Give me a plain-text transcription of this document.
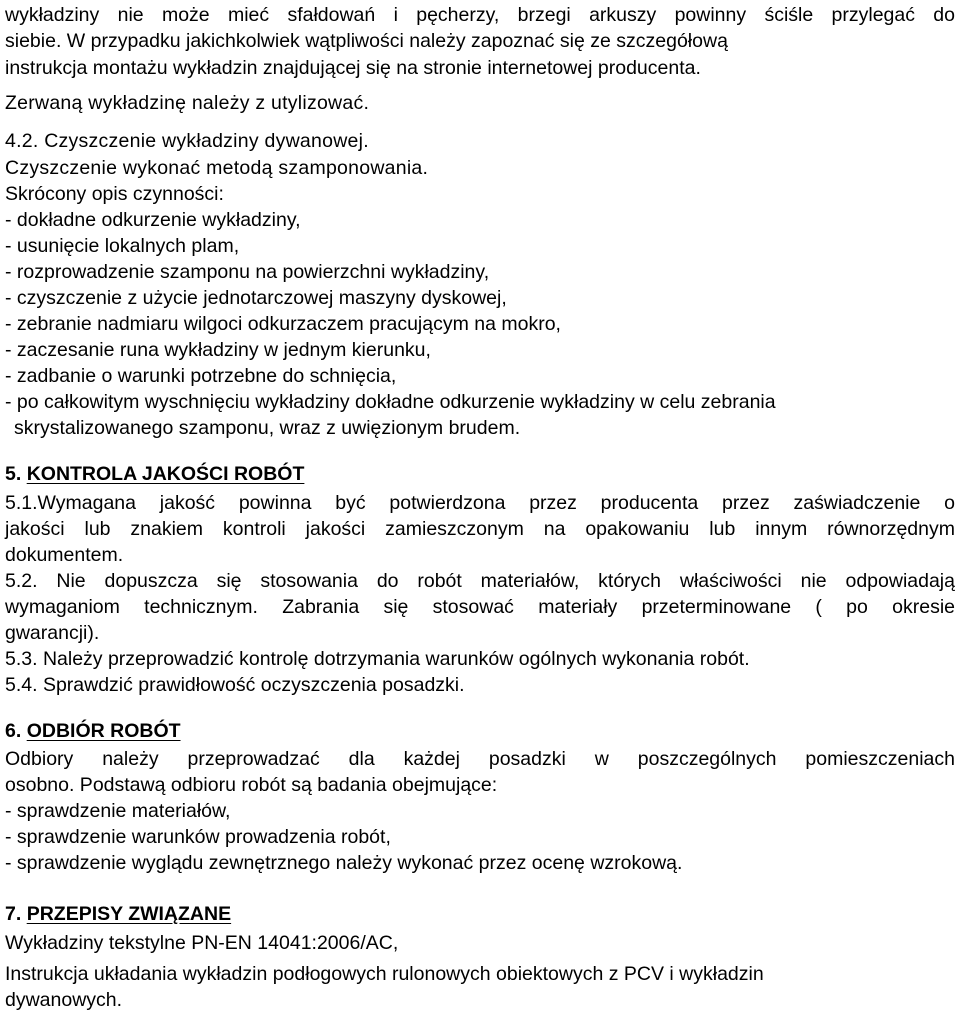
wykładziny nie może mieć sfałdowań i pęcherzy, brzegi arkuszy powinny ściśle przylegać do
siebie. W przypadku jakichkolwiek wątpliwości należy zapoznać się ze szczegółową
instrukcja montażu wykładzin znajdującej się na stronie internetowej producenta.
Zerwaną wykładzinę należy z utylizować.
4.2. Czyszczenie wykładziny dywanowej.
Czyszczenie wykonać metodą szamponowania.
Skrócony opis czynności:
- dokładne odkurzenie wykładziny,
- usunięcie lokalnych plam,
- rozprowadzenie szamponu na powierzchni wykładziny,
- czyszczenie z użycie jednotarczowej maszyny dyskowej,
- zebranie nadmiaru wilgoci odkurzaczem pracującym na mokro,
- zaczesanie runa wykładziny w jednym kierunku,
- zadbanie o warunki potrzebne do schnięcia,
- po całkowitym wyschnięciu wykładziny dokładne odkurzenie wykładziny w celu zebrania
skrystalizowanego szamponu, wraz z uwięzionym brudem.
5. KONTROLA JAKOŚCI ROBÓT
5.1.Wymagana jakość powinna być potwierdzona przez producenta przez zaświadczenie o
jakości lub znakiem kontroli jakości zamieszczonym na opakowaniu lub innym równorzędnym
dokumentem.
5.2. Nie dopuszcza się stosowania do robót materiałów, których właściwości nie odpowiadają
wymaganiom technicznym. Zabrania się stosować materiały przeterminowane ( po okresie
gwarancji).
5.3. Należy przeprowadzić kontrolę dotrzymania warunków ogólnych wykonania robót.
5.4. Sprawdzić prawidłowość oczyszczenia posadzki.
6. ODBIÓR ROBÓT
Odbiory należy przeprowadzać dla każdej posadzki w poszczególnych pomieszczeniach
osobno. Podstawą odbioru robót są badania obejmujące:
- sprawdzenie materiałów,
- sprawdzenie warunków prowadzenia robót,
- sprawdzenie wyglądu zewnętrznego należy wykonać przez ocenę wzrokową.
7. PRZEPISY ZWIĄZANE
Wykładziny tekstylne PN-EN 14041:2006/AC,
Instrukcja układania wykładzin podłogowych rulonowych obiektowych z PCV i wykładzin
dywanowych.
